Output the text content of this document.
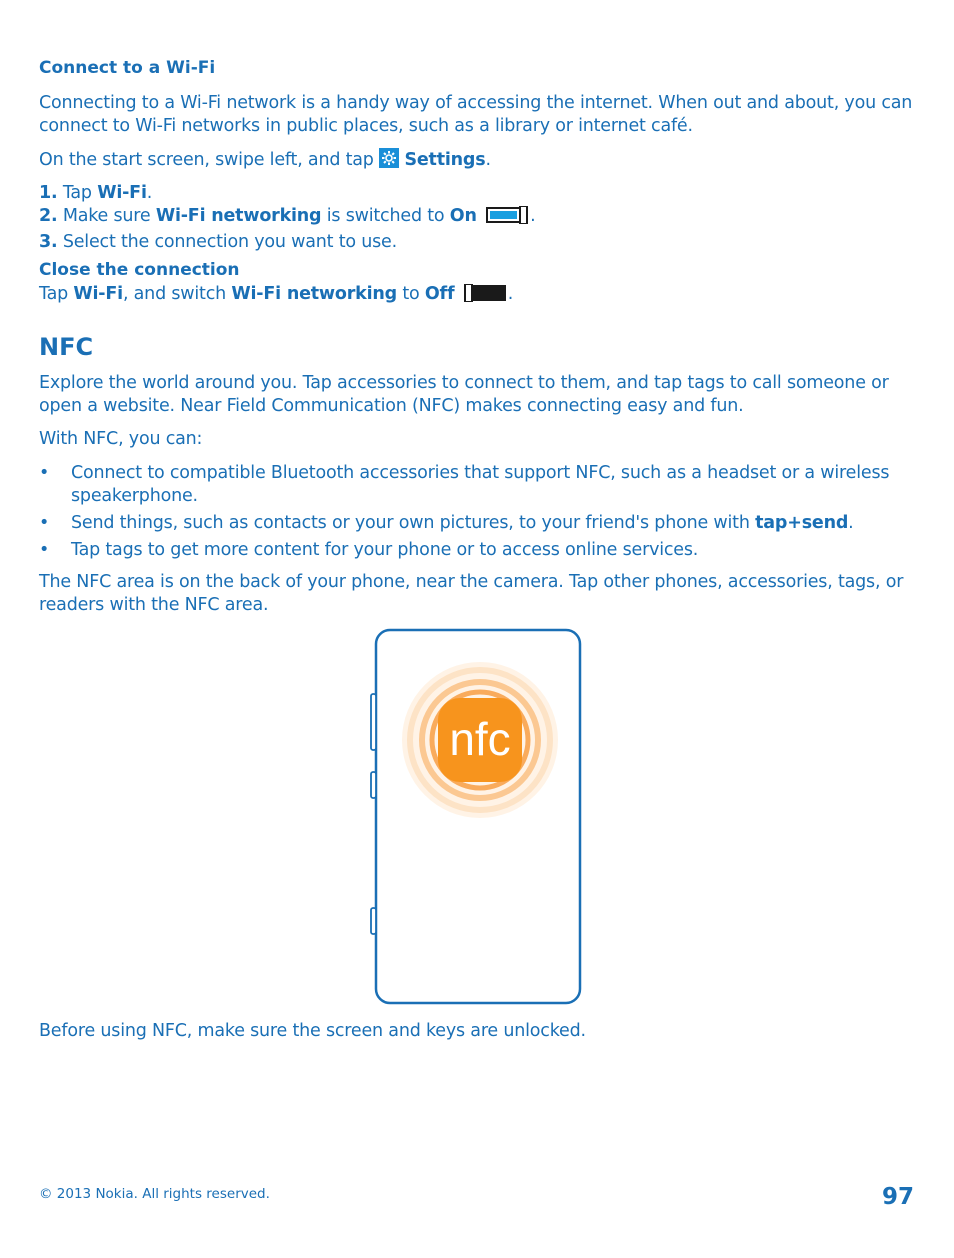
Connect to a Wi-Fi
Connecting to a Wi-Fi network is a handy way of accessing the internet. When out and about, you can connect to Wi-Fi networks in public places, such as a library or internet café.
On the start screen, swipe left, and tap Settings.
1. Tap Wi-Fi.
2. Make sure Wi-Fi networking is switched to On	.
3. Select the connection you want to use.
Close the connection
Tap Wi-Fi, and switch Wi-Fi networking to Off	.
NFC
Explore the world around you. Tap accessories to connect to them, and tap tags to call someone or open a website. Near Field Communication (NFC) makes connecting easy and fun.
With NFC, you can:
• Connect to compatible Bluetooth accessories that support NFC, such as a headset or a wireless speakerphone.
• Send things, such as contacts or your own pictures, to your friend's phone with tap+send.
• Tap tags to get more content for your phone or to access online services.
The NFC area is on the back of your phone, near the camera. Tap other phones, accessories, tags, or readers with the NFC area.
nfc
Before using NFC, make sure the screen and keys are unlocked.
© 2013 Nokia. All rights reserved.	97
